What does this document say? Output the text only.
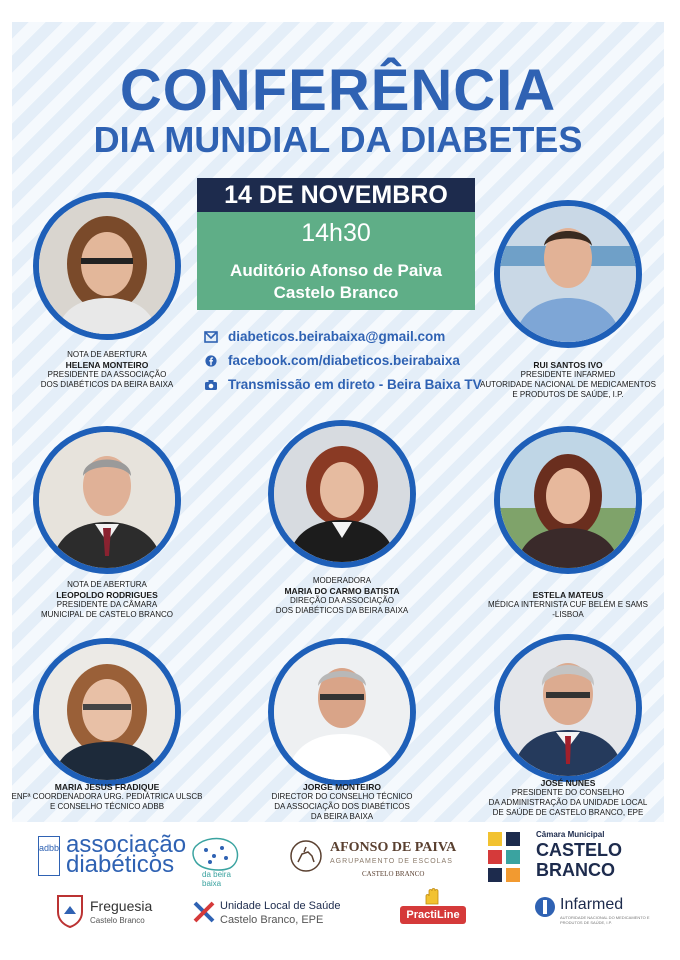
CONFERÊNCIA
DIA MUNDIAL DA DIABETES
14 DE NOVEMBRO
14h30
Auditório Afonso de Paiva
Castelo Branco
diabeticos.beirabaixa@gmail.com
facebook.com/diabeticos.beirabaixa
Transmissão em direto - Beira Baixa TV
NOTA DE ABERTURA
HELENA MONTEIRO
PRESIDENTE DA ASSOCIAÇÃO
DOS DIABÉTICOS DA BEIRA BAIXA
RUI SANTOS IVO
PRESIDENTE INFARMED
AUTORIDADE NACIONAL DE MEDICAMENTOS
E PRODUTOS DE SAÚDE, I.P.
NOTA DE ABERTURA
LEOPOLDO RODRIGUES
PRESIDENTE DA CÂMARA
MUNICIPAL DE CASTELO BRANCO
MODERADORA
MARIA DO CARMO BATISTA
DIREÇÃO DA ASSOCIAÇÃO
DOS DIABÉTICOS DA BEIRA BAIXA
ESTELA MATEUS
MÉDICA INTERNISTA CUF BELÉM E SAMS
-LISBOA
MARIA JESUS FRADIQUE
ENFª COORDENADORA URG. PEDIÁTRICA ULSCB
E CONSELHO TÉCNICO ADBB
JORGE MONTEIRO
DIRECTOR DO CONSELHO TÉCNICO
DA ASSOCIAÇÃO DOS DIABÉTICOS
DA BEIRA BAIXA
JOSÉ NUNES
PRESIDENTE DO CONSELHO
DA ADMINISTRAÇÃO DA UNIDADE LOCAL
DE SAÚDE DE CASTELO BRANCO, EPE
adbb associação
diabéticos	da beira baixa
AFONSO DE PAIVA
AGRUPAMENTO DE ESCOLAS
CASTELO BRANCO
Câmara Municipal
CASTELO
BRANCO
Freguesia
Castelo Branco
Unidade Local de Saúde
Castelo Branco, EPE	PractiLine
Infarmed
AUTORIDADE NACIONAL DO MEDICAMENTO E PRODUTOS DE SAÚDE, I.P.
